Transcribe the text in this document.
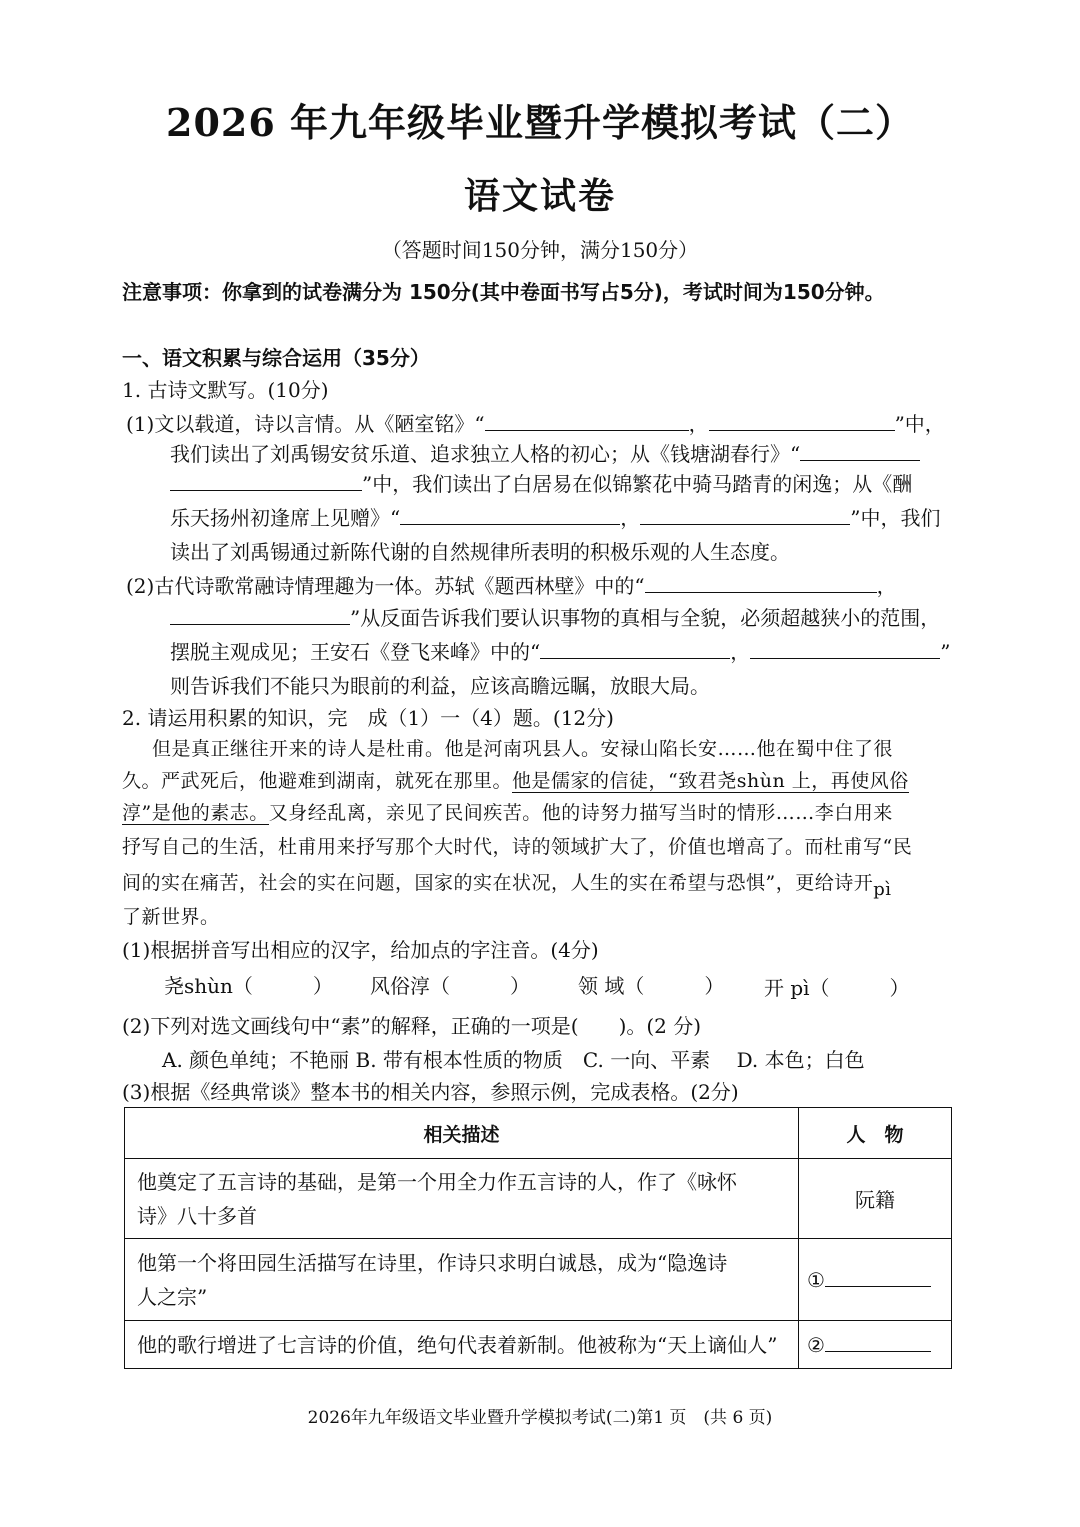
2026 年九年级毕业暨升学模拟考试（二）
语文试卷
（答题时间150分钟，满分150分）
注意事项：你拿到的试卷满分为 150分(其中卷面书写占5分)，考试时间为150分钟。
一、语文积累与综合运用（35分）
1. 古诗文默写。(10分)
(1)文以载道，诗以言情。从《陋室铭》“	，	”中，
我们读出了刘禹锡安贫乐道、追求独立人格的初心；从《钱塘湖春行》“
”中，我们读出了白居易在似锦繁花中骑马踏青的闲逸；从《酬
乐天扬州初逢席上见赠》“	，	”中，我们
读出了刘禹锡通过新陈代谢的自然规律所表明的积极乐观的人生态度。
(2)古代诗歌常融诗情理趣为一体。苏轼《题西林壁》中的“	，
”从反面告诉我们要认识事物的真相与全貌，必须超越狭小的范围，
摆脱主观成见；王安石《登飞来峰》中的“	，	”
则告诉我们不能只为眼前的利益，应该高瞻远瞩，放眼大局。
2. 请运用积累的知识，完　成（1）一（4）题。(12分)
但是真正继往开来的诗人是杜甫。他是河南巩县人。安禄山陷长安……他在蜀中住了很
久。严武死后，他避难到湖南，就死在那里。他是儒家的信徒，“致君尧shùn 上，再使风俗
淳”是他的素志。又身经乱离，亲见了民间疾苦。他的诗努力描写当时的情形……李白用来
抒写自己的生活，杜甫用来抒写那个大时代，诗的领域扩大了，价值也增高了。而杜甫写“民
间的实在痛苦，社会的实在问题，国家的实在状况，人生的实在希望与恐惧”，更给诗开pì
了新世界。
(1)根据拼音写出相应的汉字，给加点的字注音。(4分)
尧shùn（　　　） 风俗淳（　　　） 领 域（　　　） 开 pì（　　　）
(2)下列对选文画线句中“素”的解释，正确的一项是(　　)。(2 分)
A. 颜色单纯；不艳丽 B. 带有根本性质的物质　C. 一向、平素　 D. 本色；白色
(3)根据《经典常谈》整本书的相关内容，参照示例，完成表格。(2分)
相关描述	人　物

他奠定了五言诗的基础，是第一个用全力作五言诗的人，作了《咏怀
诗》八十多首	阮籍

他第一个将田园生活描写在诗里，作诗只求明白诚恳，成为“隐逸诗
人之宗”	①

他的歌行增进了七言诗的价值，绝句代表着新制。他被称为“天上谪仙人”	②
2026年九年级语文毕业暨升学模拟考试(二)第1 页　(共 6 页)
